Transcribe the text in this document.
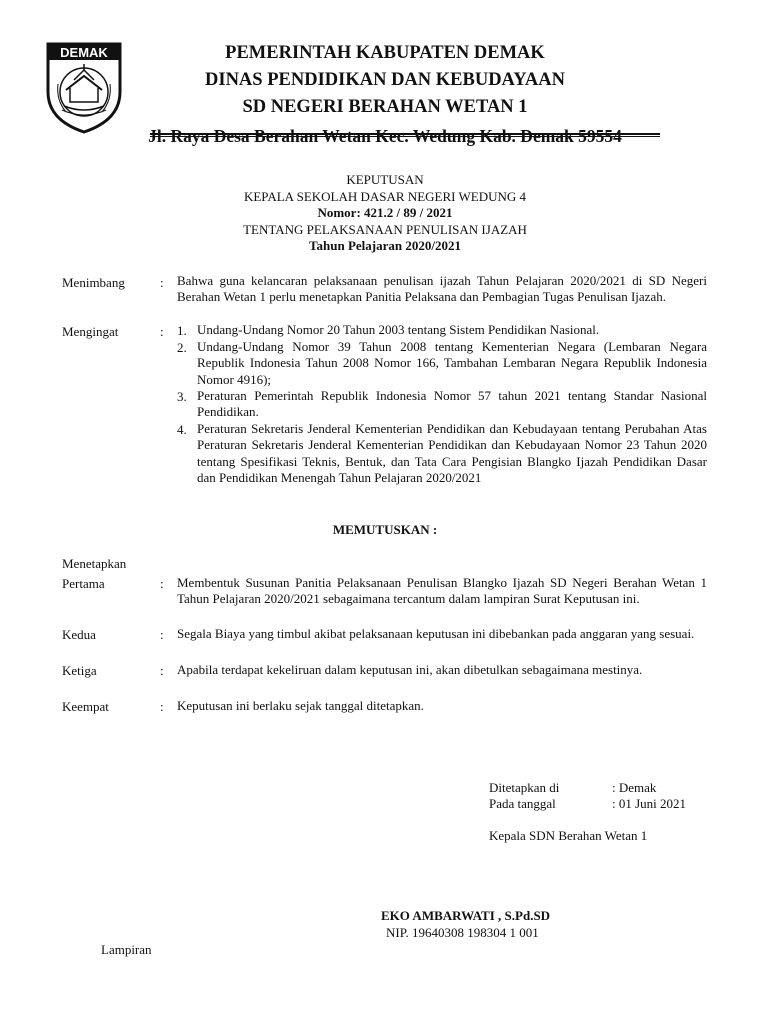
DEMAK	PEMERINTAH KABUPATEN DEMAK
DINAS PENDIDIKAN DAN KEBUDAYAAN
SD NEGERI BERAHAN WETAN 1
KEPUTUSAN
KEPALA SEKOLAH DASAR NEGERI WEDUNG 4
Nomor: 421.2 / 89 / 2021
TENTANG PELAKSANAAN PENULISAN IJAZAH
Tahun Pelajaran 2020/2021
Menimbang	: Bahwa guna kelancaran pelaksanaan penulisan ijazah Tahun Pelajaran 2020/2021 di SD Negeri Berahan Wetan 1 perlu menetapkan Panitia Pelaksana dan Pembagian Tugas Penulisan Ijazah.
Mengingat	: 1. Undang-Undang Nomor 20 Tahun 2003 tentang Sistem Pendidikan Nasional.
2. Undang-Undang Nomor 39 Tahun 2008 tentang Kementerian Negara (Lembaran Negara Republik Indonesia Tahun 2008 Nomor 166, Tambahan Lembaran Negara Republik Indonesia Nomor 4916);
3. Peraturan Pemerintah Republik Indonesia Nomor 57 tahun 2021 tentang Standar Nasional Pendidikan.
4. Peraturan Sekretaris Jenderal Kementerian Pendidikan dan Kebudayaan tentang Perubahan Atas Peraturan Sekretaris Jenderal Kementerian Pendidikan dan Kebudayaan Nomor 23 Tahun 2020 tentang Spesifikasi Teknis, Bentuk, dan Tata Cara Pengisian Blangko Ijazah Pendidikan Dasar dan Pendidikan Menengah Tahun Pelajaran 2020/2021
MEMUTUSKAN :
Menetapkan
Pertama	: Membentuk Susunan Panitia Pelaksanaan Penulisan Blangko Ijazah SD Negeri Berahan Wetan 1 Tahun Pelajaran 2020/2021 sebagaimana tercantum dalam lampiran Surat Keputusan ini.
Kedua	: Segala Biaya yang timbul akibat pelaksanaan keputusan ini dibebankan pada anggaran yang sesuai.
Ketiga	: Apabila terdapat kekeliruan dalam keputusan ini, akan dibetulkan sebagaimana mestinya.
Keempat	: Keputusan ini berlaku sejak tanggal ditetapkan.
Ditetapkan di	: Demak
Pada tanggal	: 01 Juni 2021
Kepala SDN Berahan Wetan 1
EKO AMBARWATI , S.Pd.SD
NIP. 19640308 198304 1 001
Lampiran
